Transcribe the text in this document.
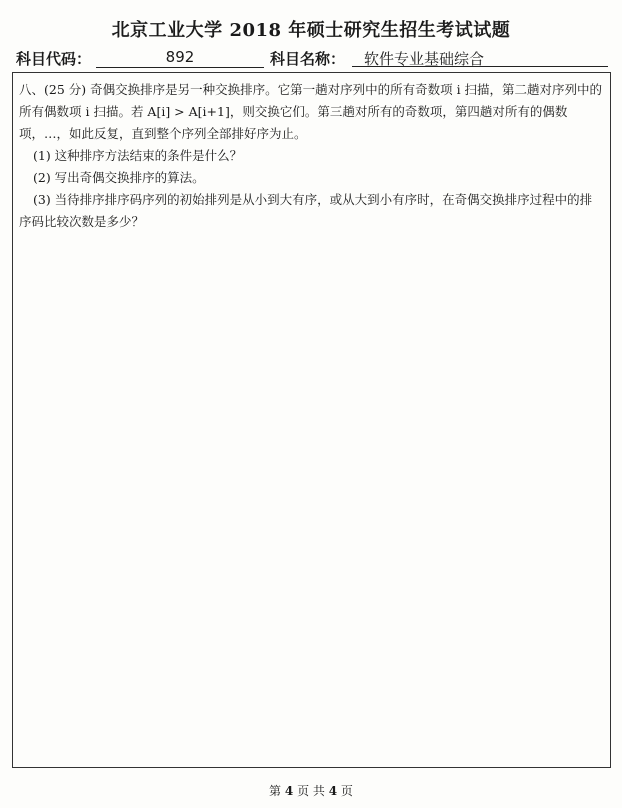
北京工业大学 2018 年硕士研究生招生考试试题
科目代码：	892	科目名称：	软件专业基础综合

八、(25 分) 奇偶交换排序是另一种交换排序。它第一趟对序列中的所有奇数项 i 扫描，第二趟对序列中的所有偶数项 i 扫描。若 A[i] > A[i+1]，则交换它们。第三趟对所有的奇数项，第四趟对所有的偶数项，…，如此反复，直到整个序列全部排好序为止。

(1) 这种排序方法结束的条件是什么？

(2) 写出奇偶交换排序的算法。

(3) 当待排序排序码序列的初始排列是从小到大有序，或从大到小有序时，在奇偶交换排序过程中的排序码比较次数是多少？

第 4 页 共 4 页
